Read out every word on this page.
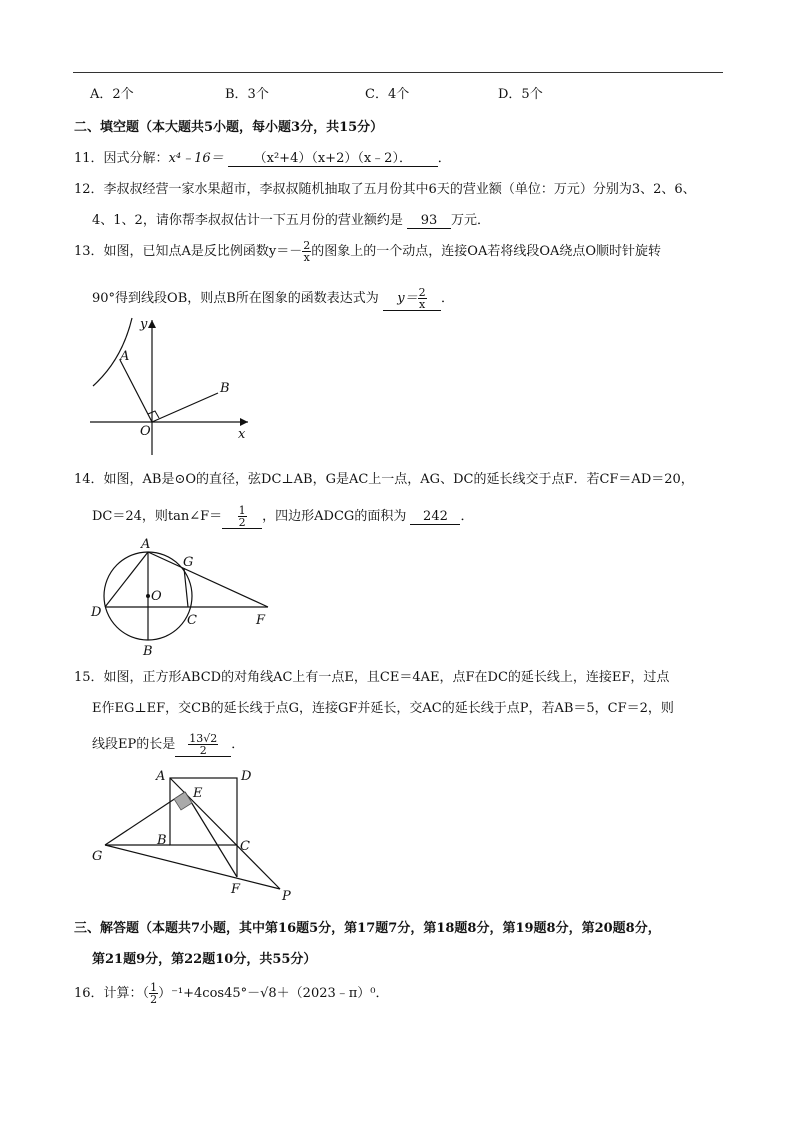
A．2个	B．3个	C．4个	D．5个
二、填空题（本大题共5小题，每小题3分，共15分）
11．因式分解：x⁴﹣16＝ （x²+4）（x+2）（x﹣2）． ．
12．李叔叔经营一家水果超市，李叔叔随机抽取了五月份其中6天的营业额（单位：万元）分别为3、2、6、
4、1、2，请你帮李叔叔估计一下五月份的营业额约是 93 万元．
13．如图，已知点A是反比例函数$y=- \frac{2}{x}$ 的图象上的一个动点，连接OA若将线段OA绕点O顺时针旋转
90°得到线段OB，则点B所在图象的函数表达式为 $y= \frac{2}{x}$ ．
y
x
A
B
O
14．如图，AB是⊙O的直径，弦DC⊥AB，G是AC上一点，AG、DC的延长线交于点F．若CF＝AD＝20，
DC＝24，则tan∠F＝ $\frac{1}{2}$ ，四边形ADCG的面积为 242 ．
A
G
O
D
C	F
B
15．如图，正方形ABCD的对角线AC上有一点E，且CE＝4AE，点F在DC的延长线上，连接EF，过点
E作EG⊥EF，交CB的延长线于点G，连接GF并延长，交AC的延长线于点P，若AB＝5，CF＝2，则
线段EP的长是 $\frac{13√2}{2}$ ．
A	D
E
B	C
G
F	P
三、解答题（本题共7小题，其中第16题5分，第17题7分，第18题8分，第19题8分，第20题8分，
第21题9分，第22题10分，共55分）
16．计算：（ $\frac{1}{2}$ ）⁻¹+4cos45°－√8＋（2023﹣π）⁰．
